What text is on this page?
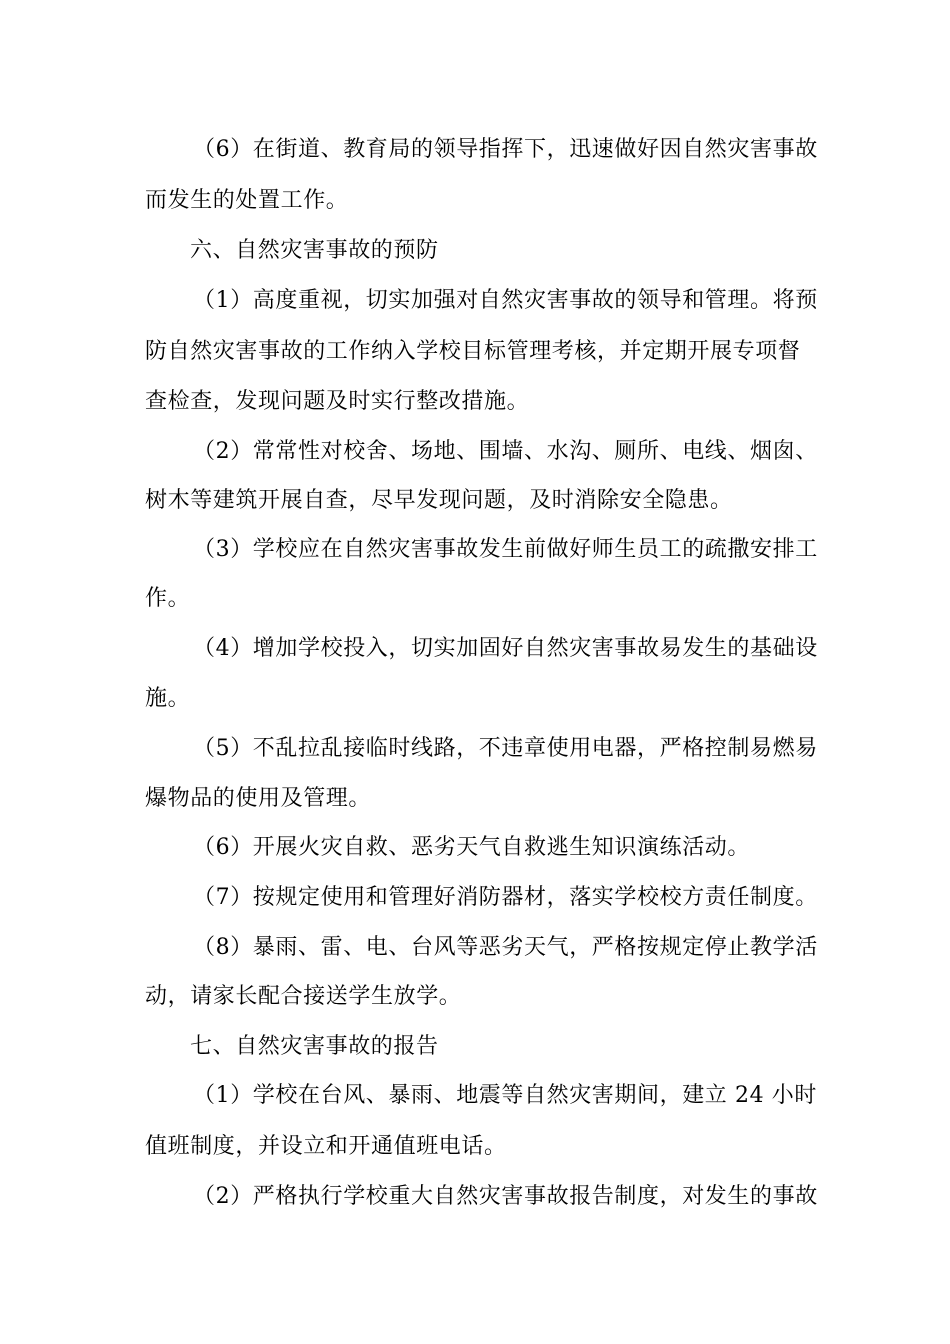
（6）在街道、教育局的领导指挥下，迅速做好因自然灾害事故
而发生的处置工作。
六、自然灾害事故的预防
（1）高度重视，切实加强对自然灾害事故的领导和管理。将预
防自然灾害事故的工作纳入学校目标管理考核，并定期开展专项督
查检查，发现问题及时实行整改措施。
（2）常常性对校舍、场地、围墙、水沟、厕所、电线、烟囱、
树木等建筑开展自查，尽早发现问题，及时消除安全隐患。
（3）学校应在自然灾害事故发生前做好师生员工的疏撒安排工
作。
（4）增加学校投入，切实加固好自然灾害事故易发生的基础设
施。
（5）不乱拉乱接临时线路，不违章使用电器，严格控制易燃易
爆物品的使用及管理。
（6）开展火灾自救、恶劣天气自救逃生知识演练活动。
（7）按规定使用和管理好消防器材，落实学校校方责任制度。
（8）暴雨、雷、电、台风等恶劣天气，严格按规定停止教学活
动，请家长配合接送学生放学。
七、自然灾害事故的报告
（1）学校在台风、暴雨、地震等自然灾害期间，建立 24 小时
值班制度，并设立和开通值班电话。
（2）严格执行学校重大自然灾害事故报告制度，对发生的事故
